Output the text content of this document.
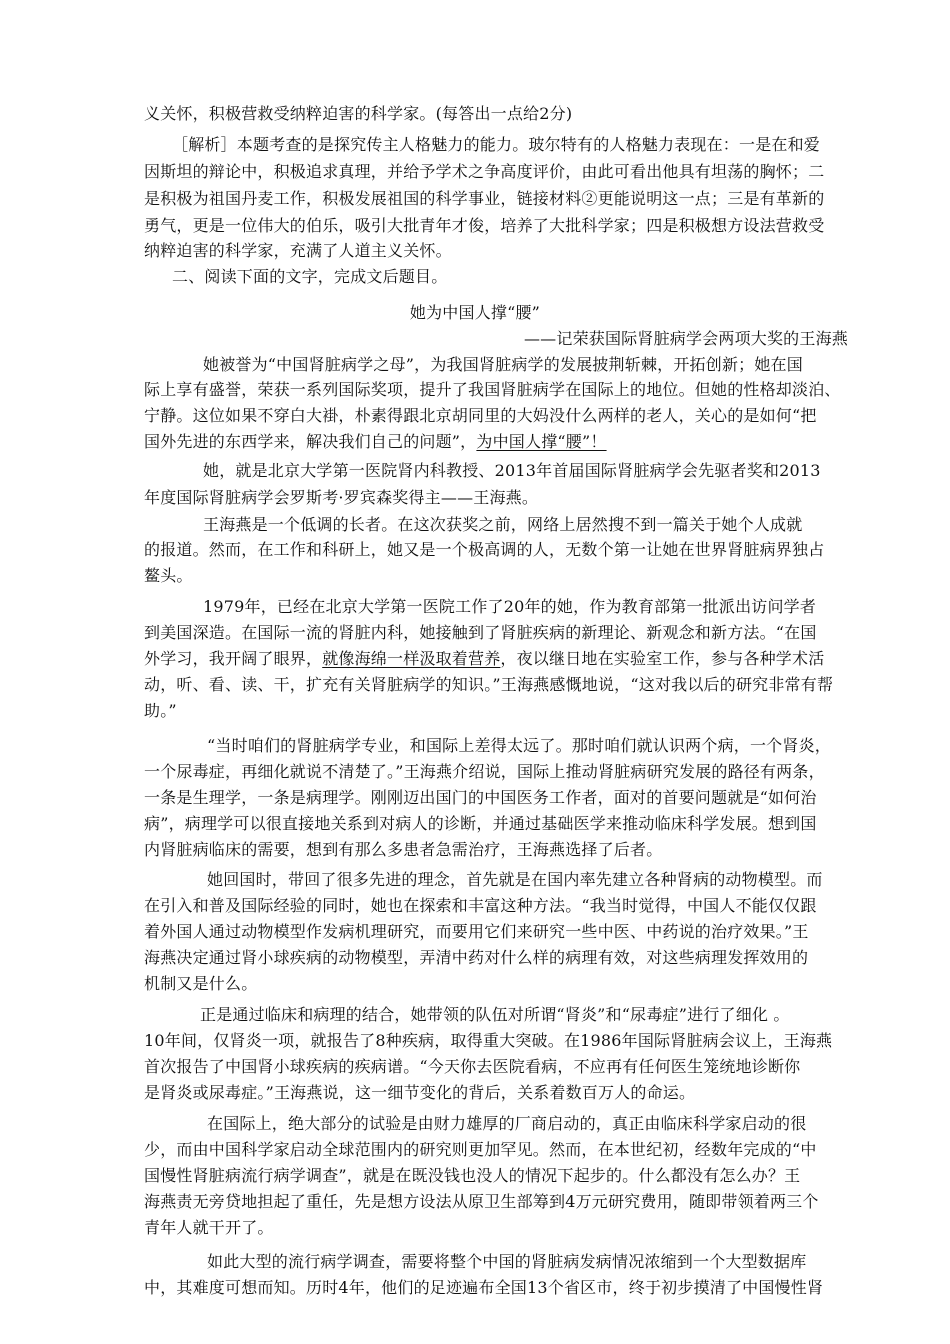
义关怀，积极营救受纳粹迫害的科学家。(每答出一点给2分)
［解析］本题考查的是探究传主人格魅力的能力。玻尔特有的人格魅力表现在：一是在和爱
因斯坦的辩论中，积极追求真理，并给予学术之争高度评价，由此可看出他具有坦荡的胸怀；二
是积极为祖国丹麦工作，积极发展祖国的科学事业，链接材料②更能说明这一点；三是有革新的
勇气，更是一位伟大的伯乐，吸引大批青年才俊，培养了大批科学家；四是积极想方设法营救受
纳粹迫害的科学家，充满了人道主义关怀。
二、阅读下面的文字，完成文后题目。
她为中国人撑“腰”
——记荣获国际肾脏病学会两项大奖的王海燕
她被誉为“中国肾脏病学之母”，为我国肾脏病学的发展披荆斩棘，开拓创新；她在国
际上享有盛誉，荣获一系列国际奖项，提升了我国肾脏病学在国际上的地位。但她的性格却淡泊、
宁静。这位如果不穿白大褂，朴素得跟北京胡同里的大妈没什么两样的老人，关心的是如何“把
国外先进的东西学来，解决我们自己的问题”，为中国人撑“腰”！
她，就是北京大学第一医院肾内科教授、2013年首届国际肾脏病学会先驱者奖和2013
年度国际肾脏病学会罗斯考·罗宾森奖得主——王海燕。
王海燕是一个低调的长者。在这次获奖之前，网络上居然搜不到一篇关于她个人成就
的报道。然而，在工作和科研上，她又是一个极高调的人，无数个第一让她在世界肾脏病界独占
鳌头。
1979年，已经在北京大学第一医院工作了20年的她，作为教育部第一批派出访问学者
到美国深造。在国际一流的肾脏内科，她接触到了肾脏疾病的新理论、新观念和新方法。“在国
外学习，我开阔了眼界，就像海绵一样汲取着营养，夜以继日地在实验室工作，参与各种学术活
动，听、看、读、干，扩充有关肾脏病学的知识。”王海燕感慨地说，“这对我以后的研究非常有帮
助。”
“当时咱们的肾脏病学专业，和国际上差得太远了。那时咱们就认识两个病，一个肾炎，
一个尿毒症，再细化就说不清楚了。”王海燕介绍说，国际上推动肾脏病研究发展的路径有两条，
一条是生理学，一条是病理学。刚刚迈出国门的中国医务工作者，面对的首要问题就是“如何治
病”，病理学可以很直接地关系到对病人的诊断，并通过基础医学来推动临床科学发展。想到国
内肾脏病临床的需要，想到有那么多患者急需治疗，王海燕选择了后者。
她回国时，带回了很多先进的理念，首先就是在国内率先建立各种肾病的动物模型。而
在引入和普及国际经验的同时，她也在探索和丰富这种方法。“我当时觉得，中国人不能仅仅跟
着外国人通过动物模型作发病机理研究，而要用它们来研究一些中医、中药说的治疗效果。”王
海燕决定通过肾小球疾病的动物模型，弄清中药对什么样的病理有效，对这些病理发挥效用的
机制又是什么。
正是通过临床和病理的结合，她带领的队伍对所谓“肾炎”和“尿毒症”进行了细化 。
10年间，仅肾炎一项，就报告了8种疾病，取得重大突破。在1986年国际肾脏病会议上，王海燕
首次报告了中国肾小球疾病的疾病谱。“今天你去医院看病，不应再有任何医生笼统地诊断你
是肾炎或尿毒症。”王海燕说，这一细节变化的背后，关系着数百万人的命运。
在国际上，绝大部分的试验是由财力雄厚的厂商启动的，真正由临床科学家启动的很
少，而由中国科学家启动全球范围内的研究则更加罕见。然而，在本世纪初，经数年完成的“中
国慢性肾脏病流行病学调查”，就是在既没钱也没人的情况下起步的。什么都没有怎么办？王
海燕责无旁贷地担起了重任，先是想方设法从原卫生部筹到4万元研究费用，随即带领着两三个
青年人就干开了。
如此大型的流行病学调查，需要将整个中国的肾脏病发病情况浓缩到一个大型数据库
中，其难度可想而知。历时4年，他们的足迹遍布全国13个省区市，终于初步摸清了中国慢性肾
